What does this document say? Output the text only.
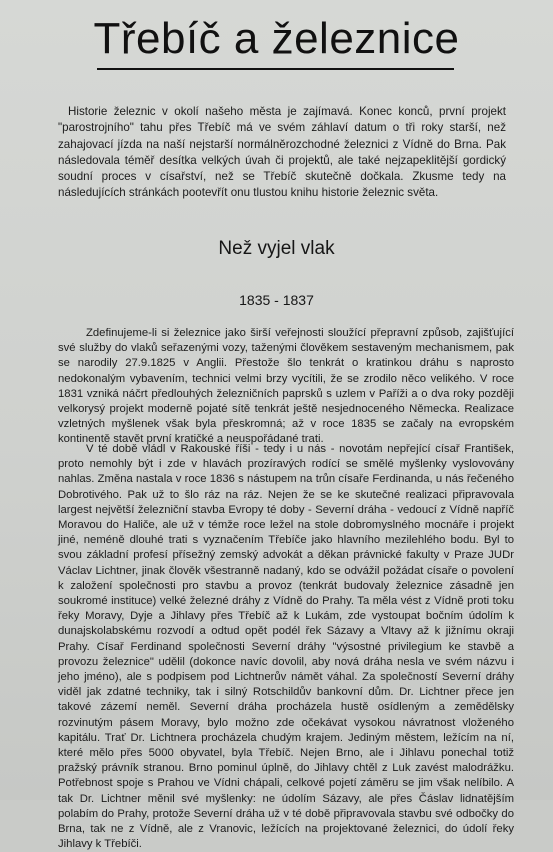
Třebíč a železnice

Historie železnic v okolí našeho města je zajímavá. Konec konců, první projekt "parostrojního" tahu přes Třebíč má ve svém záhlaví datum o tři roky starší, než zahajovací jízda na naší nejstarší normálněrozchodné železnici z Vídně do Brna. Pak následovala téměř desítka velkých úvah či projektů, ale také nejzapeklitější gordický soudní proces v císařství, než se Třebíč skutečně dočkala. Zkusme tedy na následujících stránkách pootevřít onu tlustou knihu historie železnic světa.

Než vyjel vlak
1835 - 1837

Zdefinujeme-li si železnice jako širší veřejnosti sloužící přepravní způsob, zajišťující své služby do vlaků seřazenými vozy, taženými člověkem sestaveným mechanismem, pak se narodily 27.9.1825 v Anglii. Přestože šlo tenkrát o kratinkou dráhu s naprosto nedokonalým vybavením, technici velmi brzy vycítili, že se zrodilo něco velikého. V roce 1831 vzniká náčrt předlouhých železničních paprsků s uzlem v Paříži a o dva roky později velkorysý projekt moderně pojaté sítě tenkrát ještě nesjednoceného Německa. Realizace vzletných myšlenek však byla přeskromná; až v roce 1835 se začaly na evropském kontinentě stavět první kratičké a neuspořádané trati.

V té době vládl v Rakouské říši - tedy i u nás - novotám nepřející císař František, proto nemohly být i zde v hlavách prozíravých rodící se smělé myšlenky vyslovovány nahlas. Změna nastala v roce 1836 s nástupem na trůn císaře Ferdinanda, u nás řečeného Dobrotivého. Pak už to šlo ráz na ráz. Nejen že se ke skutečné realizaci připravovala largest největší železniční stavba Evropy té doby - Severní dráha - vedoucí z Vídně napříč Moravou do Haliče, ale už v témže roce ležel na stole dobromyslného mocnáře i projekt jiné, neméně dlouhé trati s vyznačením Třebíče jako hlavního mezilehlého bodu. Byl to svou základní profesí přísežný zemský advokát a děkan právnické fakulty v Praze JUDr Václav Lichtner, jinak člověk všestranně nadaný, kdo se odvážil požádat císaře o povolení k založení společnosti pro stavbu a provoz (tenkrát budovaly železnice zásadně jen soukromé instituce) velké železné dráhy z Vídně do Prahy. Ta měla vést z Vídně proti toku řeky Moravy, Dyje a Jihlavy přes Třebíč až k Lukám, zde vystoupat bočním údolím k dunajskolabskému rozvodí a odtud opět podél řek Sázavy a Vltavy až k jižnímu okraji Prahy. Císař Ferdinand společnosti Severní dráhy "výsostné privilegium ke stavbě a provozu železnice" udělil (dokonce navíc dovolil, aby nová dráha nesla ve svém názvu i jeho jméno), ale s podpisem pod Lichtnerův námět váhal. Za společností Severní dráhy viděl jak zdatné techniky, tak i silný Rotschildův bankovní dům. Dr. Lichtner přece jen takové zázemí neměl. Severní dráha procházela hustě osídleným a zemědělsky rozvinutým pásem Moravy, bylo možno zde očekávat vysokou návratnost vloženého kapitálu. Trať Dr. Lichtnera procházela chudým krajem. Jediným městem, ležícím na ní, které mělo přes 5000 obyvatel, byla Třebíč. Nejen Brno, ale i Jihlavu ponechal totiž pražský právník stranou. Brno pominul úplně, do Jihlavy chtěl z Luk zavést malodrážku. Potřebnost spoje s Prahou ve Vídni chápali, celkové pojetí záměru se jim však nelíbilo. A tak Dr. Lichtner měnil své myšlenky: ne údolím Sázavy, ale přes Čáslav lidnatějším polabím do Prahy, protože Severní dráha už v té době připravovala stavbu své odbočky do Brna, tak ne z Vídně, ale z Vranovic, ležících na projektované železnici, do údolí řeky Jihlavy k Třebíči.
